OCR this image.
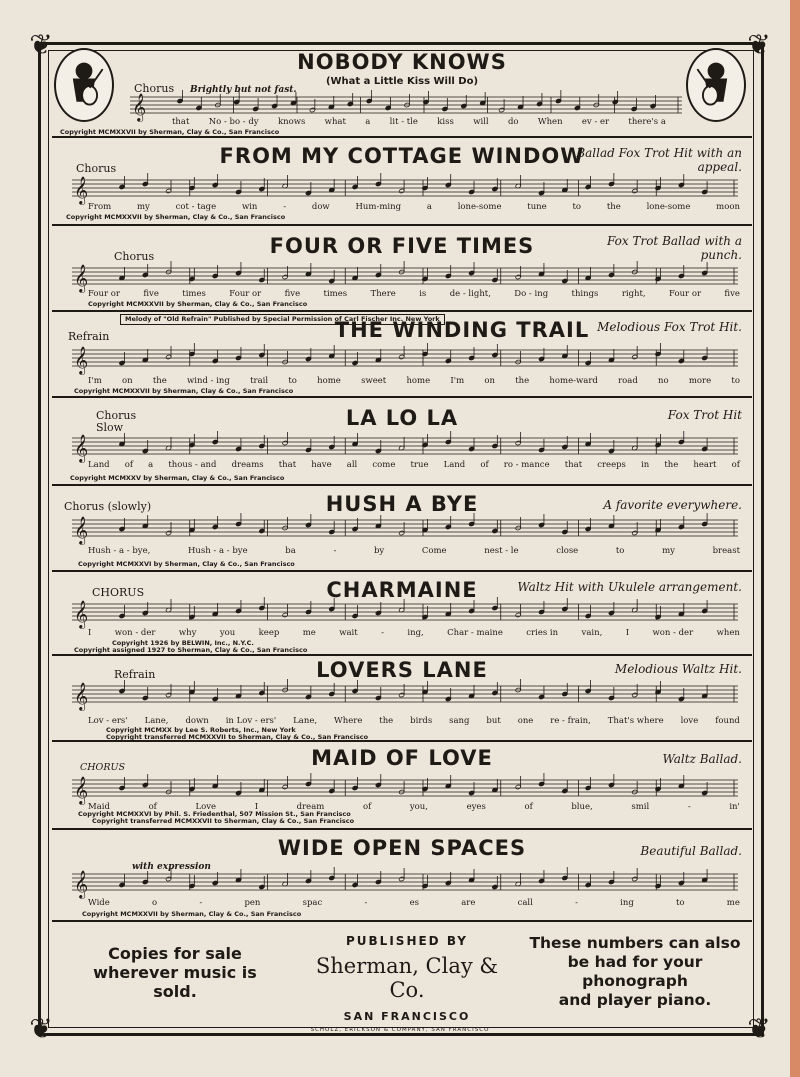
❦	❦
❦	❦
NOBODY KNOWS
(What a Little Kiss Will Do)
Chorus Brightly but not fast.
𝄞
that No - bo - dy knows what a lit - tle kiss will do When ev - er there's a
Copyright MCMXXVII by Sherman, Clay & Co., San Francisco
FROM MY COTTAGE WINDOW
Ballad Fox Trot Hit with an appeal.
Chorus
𝄞
From	my	cot - tage	win	-	dow	Hum-ming	a	lone-some	tune	to	the	lone-some	moon
Copyright MCMXXVII by Sherman, Clay & Co., San Francisco
FOUR OR FIVE TIMES	Fox Trot Ballad with a punch.
Chorus
𝄞
Four or	five	times	Four or	five	times	There	is	de - light,	Do - ing	things	right,	Four or	five
Copyright MCMXXVII by Sherman, Clay & Co., San Francisco
Melody of "Old Refrain" Published by Special Permission of Carl Fischer Inc. New York
THE WINDING TRAIL Melodious Fox Trot Hit.
Refrain
𝄞
I'm on the wind - ing trail to home sweet home I'm on the home-ward road no more to
Copyright MCMXXVII by Sherman, Clay & Co., San Francisco
LA LO LA	Fox Trot Hit
Chorus Slow
𝄞
Land of a thous - and dreams that have all come true Land of ro - mance that creeps in the heart of
Copyright MCMXXV by Sherman, Clay & Co., San Francisco
HUSH A BYE	A favorite everywhere.
Chorus (slowly)
𝄞
Hush - a - bye,	Hush - a - bye	ba	-	by	Come	nest - le	close	to	my	breast
Copyright MCMXXVI by Sherman, Clay & Co., San Francisco
CHARMAINE	Waltz Hit with Ukulele arrangement.
CHORUS
𝄞
I	won - der	why	you	keep	me	wait	-	ing,	Char - maine	cries in	vain,	I	won - der	when
Copyright 1926 by BELWIN, Inc., N.Y.C.
Copyright assigned 1927 to Sherman, Clay & Co., San Francisco
LOVERS LANE	Melodious Waltz Hit.
Refrain
𝄞
Lov - ers' Lane, down in Lov - ers' Lane, Where the birds sang but one re - frain, That's where love found
Copyright MCMXX by Lee S. Roberts, Inc., New York
Copyright transferred MCMXXVII to Sherman, Clay & Co., San Francisco
MAID OF LOVE	Waltz Ballad.
CHORUS
𝄞
Maid	of	Love	I	dream	of	you,	eyes	of	blue,	smil	-	in'
Copyright MCMXXVI by Phil. S. Friedenthal, 507 Mission St., San Francisco
Copyright transferred MCMXXVII to Sherman, Clay & Co., San Francisco
WIDE OPEN SPACES	Beautiful Ballad.
with expression
𝄞
Wide	o	-	pen	spac	-	es	are	call	-	ing	to	me
Copyright MCMXXVII by Sherman, Clay & Co., San Francisco
Copies for sale
wherever music is sold.
PUBLISHED BY
Sherman, Clay & Co.
SAN FRANCISCO
These numbers can also
be had for your phonograph
and player piano.
SCHOLZ, ERICKSON & COMPANY, SAN FRANCISCO
